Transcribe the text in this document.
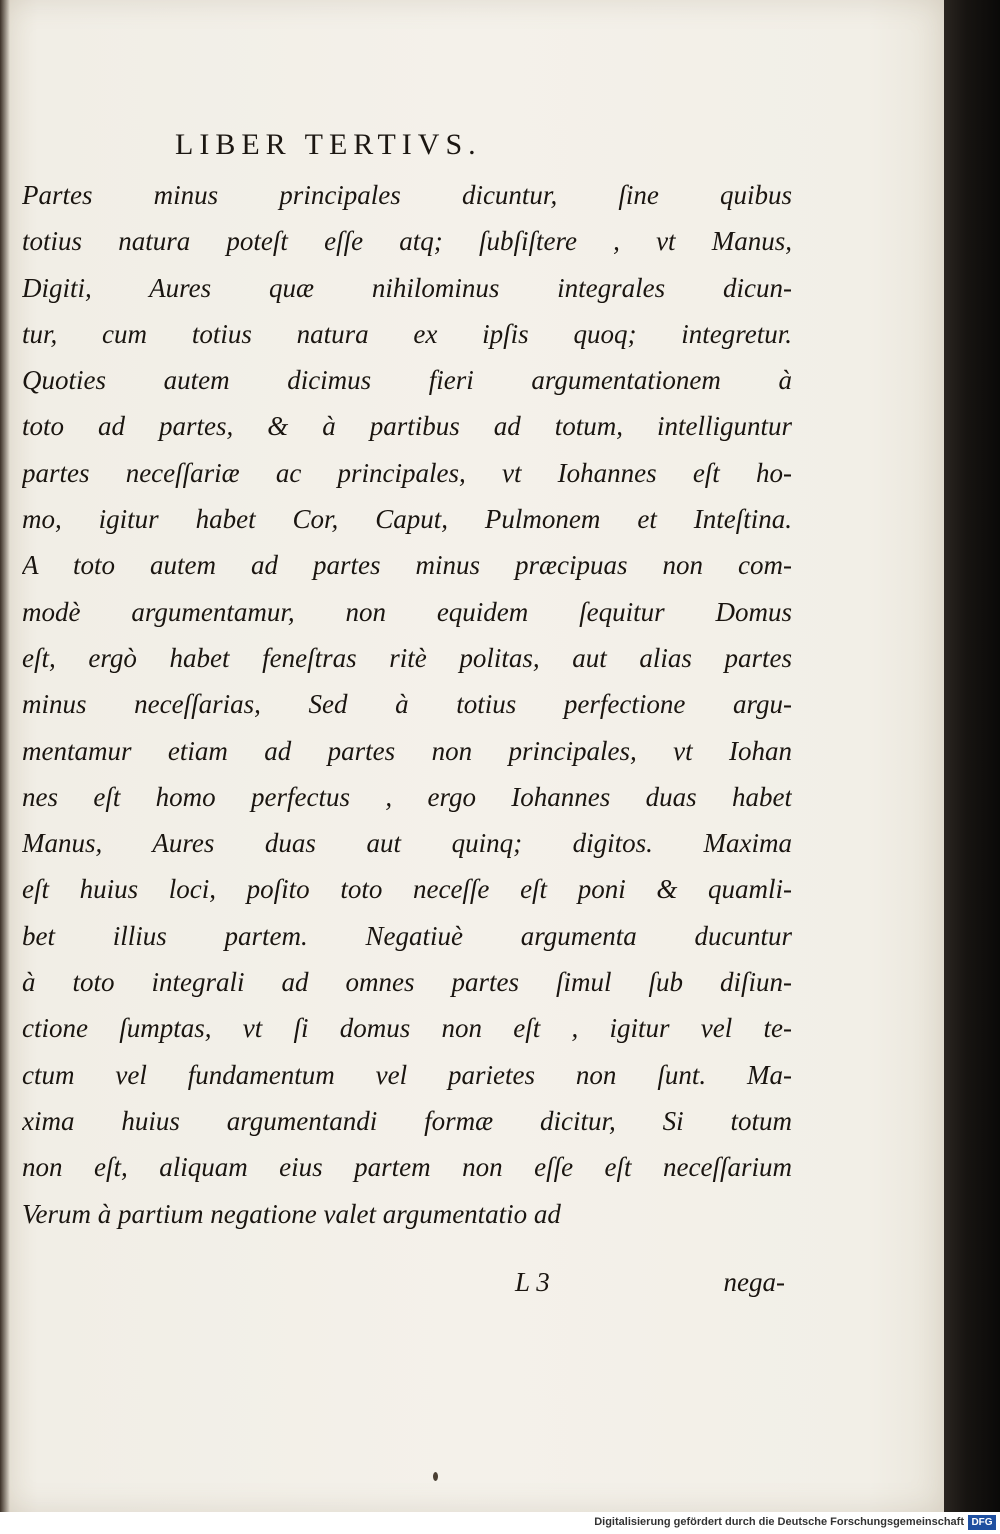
LIBER TERTIVS.
Partes minus principales dicuntur, ſine quibus
totius natura poteſt eſſe atq; ſubſiſtere , vt Manus,
Digiti, Aures quæ nihilominus integrales dicun-
tur, cum totius natura ex ipſis quoq; integretur.
Quoties autem dicimus fieri argumentationem à
toto ad partes, & à partibus ad totum, intelliguntur
partes neceſſariæ ac principales, vt Iohannes eſt ho-
mo, igitur habet Cor, Caput, Pulmonem et Inteſtina.
A toto autem ad partes minus præcipuas non com-
modè argumentamur, non equidem ſequitur Domus
eſt, ergò habet feneſtras ritè politas, aut alias partes
minus neceſſarias, Sed à totius perfectione argu-
mentamur etiam ad partes non principales, vt Iohan
nes eſt homo perfectus , ergo Iohannes duas habet
Manus, Aures duas aut quinq; digitos. Maxima
eſt huius loci, poſito toto neceſſe eſt poni & quamli-
bet illius partem. Negatiuè argumenta ducuntur
à toto integrali ad omnes partes ſimul ſub diſiun-
ctione ſumptas, vt ſi domus non eſt , igitur vel te-
ctum vel fundamentum vel parietes non ſunt. Ma-
xima huius argumentandi formæ dicitur, Si totum
non eſt, aliquam eius partem non eſſe eſt neceſſarium
Verum à partium negatione valet argumentatio ad
L 3	nega-
Digitalisierung gefördert durch die Deutsche Forschungsgemeinschaft DFG
